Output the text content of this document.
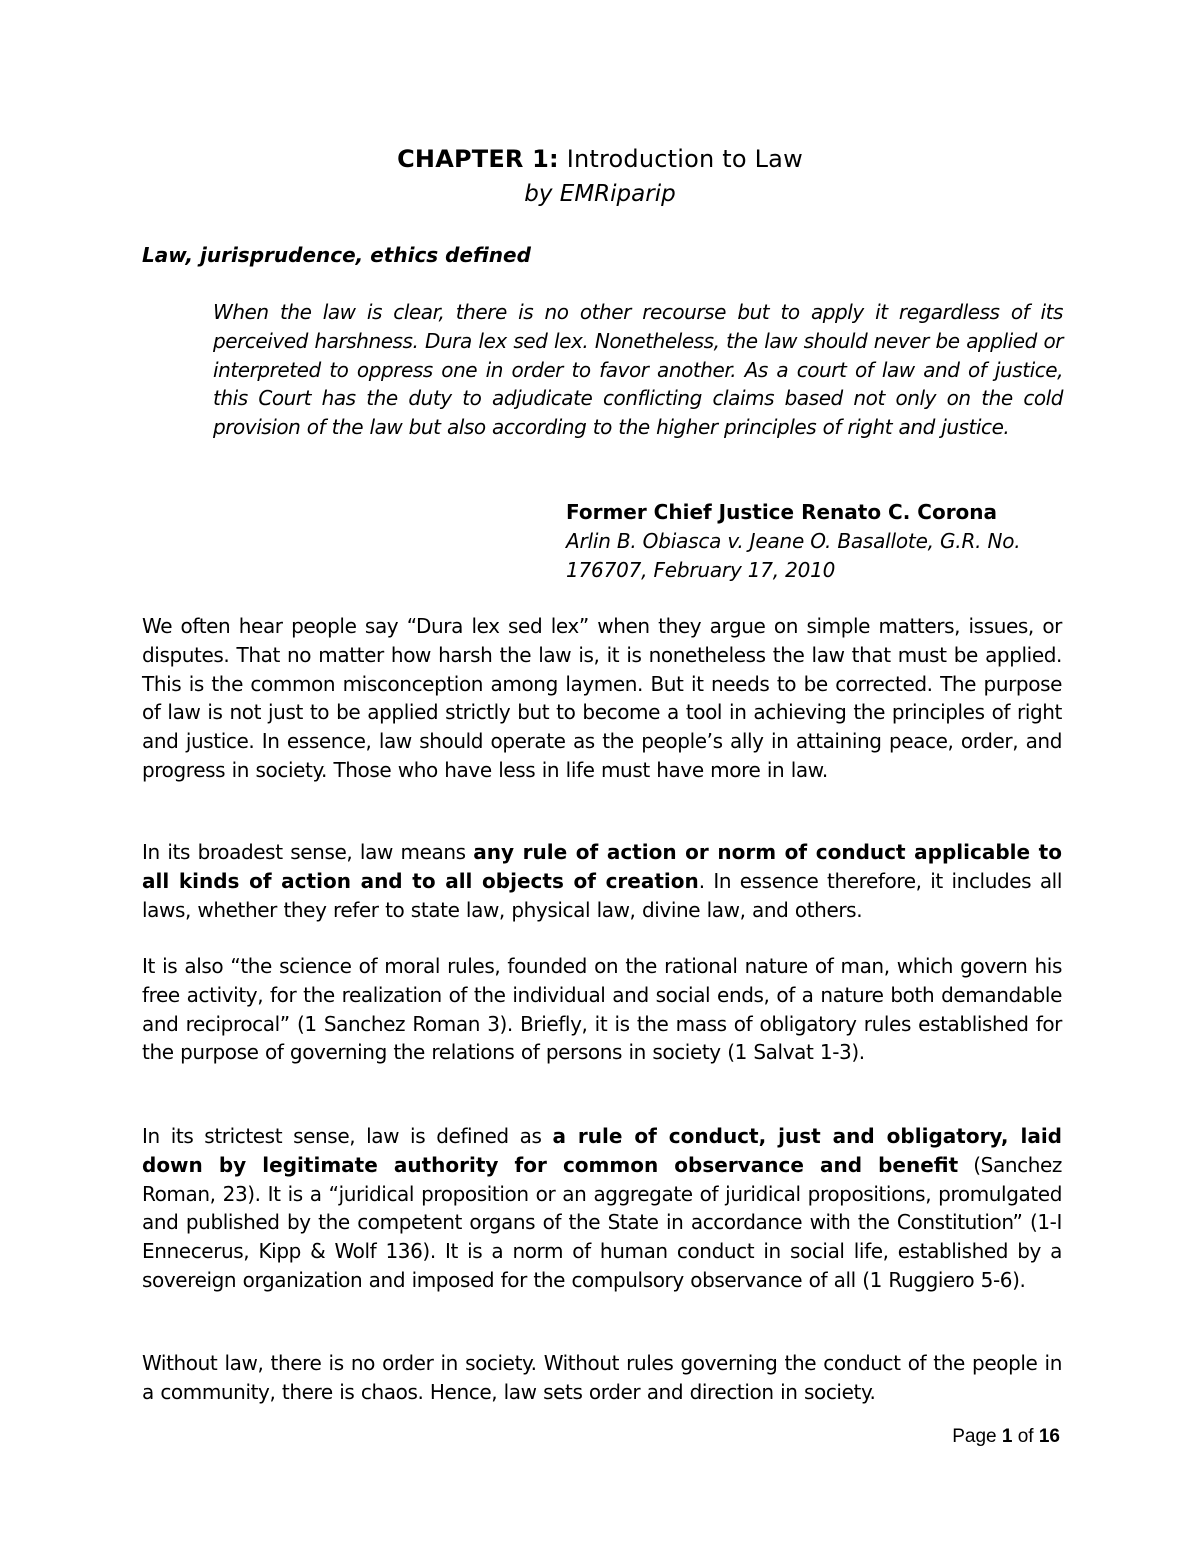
CHAPTER 1: Introduction to Law
by EMRiparip
Law, jurisprudence, ethics defined
When the law is clear, there is no other recourse but to apply it regardless of its perceived harshness. Dura lex sed lex. Nonetheless, the law should never be applied or interpreted to oppress one in order to favor another. As a court of law and of justice, this Court has the duty to adjudicate conflicting claims based not only on the cold provision of the law but also according to the higher principles of right and justice.
Former Chief Justice Renato C. Corona
Arlin B. Obiasca v. Jeane O. Basallote, G.R. No. 176707, February 17, 2010

We often hear people say “Dura lex sed lex” when they argue on simple matters, issues, or disputes. That no matter how harsh the law is, it is nonetheless the law that must be applied. This is the common misconception among laymen. But it needs to be corrected. The purpose of law is not just to be applied strictly but to become a tool in achieving the principles of right and justice. In essence, law should operate as the people’s ally in attaining peace, order, and progress in society. Those who have less in life must have more in law.

In its broadest sense, law means any rule of action or norm of conduct applicable to all kinds of action and to all objects of creation. In essence therefore, it includes all laws, whether they refer to state law, physical law, divine law, and others.

It is also “the science of moral rules, founded on the rational nature of man, which govern his free activity, for the realization of the individual and social ends, of a nature both demandable and reciprocal” (1 Sanchez Roman 3). Briefly, it is the mass of obligatory rules established for the purpose of governing the relations of persons in society (1 Salvat 1-3).

In its strictest sense, law is defined as a rule of conduct, just and obligatory, laid down by legitimate authority for common observance and benefit (Sanchez Roman, 23). It is a “juridical proposition or an aggregate of juridical propositions, promulgated and published by the competent organs of the State in accordance with the Constitution” (1-I Ennecerus, Kipp & Wolf 136). It is a norm of human conduct in social life, established by a sovereign organization and imposed for the compulsory observance of all (1 Ruggiero 5-6).

Without law, there is no order in society. Without rules governing the conduct of the people in a community, there is chaos. Hence, law sets order and direction in society.

Page 1 of 16
